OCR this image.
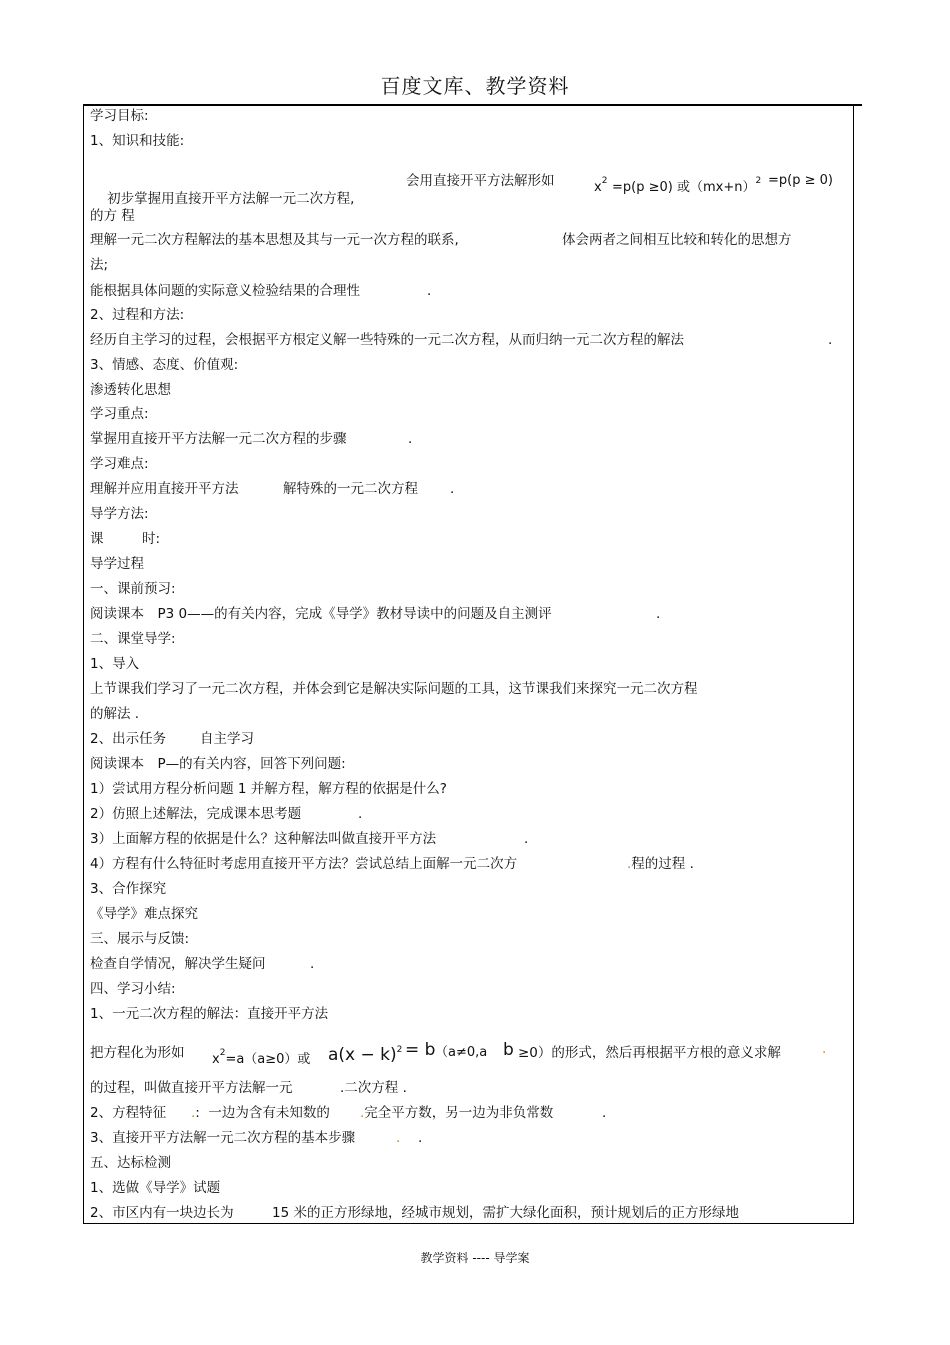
百度文库、教学资料
学习目标:
1、知识和技能:

初步掌握用直接开平方法解一元二次方程,

会用直接开平方法解形如	$x^2 =p(p \ge 0)$ 或$(mx+n)^2 =p(p \ge 0)$
的方 程
理解一元二次方程解法的基本思想及其与一元一次方程的联系,	体会两者之间相互比较和转化的思想方
法;
能根据具体问题的实际意义检验结果的合理性	.
2、过程和方法:
经历自主学习的过程，会根据平方根定义解一些特殊的一元二次方程，从而归纳一元二次方程的解法	.
3、情感、态度、价值观:
渗透转化思想
学习重点:
掌握用直接开平方法解一元二次方程的步骤	.
学习难点:
理解并应用直接开平方法	解特殊的一元二次方程 .
导学方法:
课	时:
导学过程
一、课前预习:
阅读课本　P3 0——的有关内容，完成《导学》教材导读中的问题及自主测评	.
二、课堂导学:
1、导入
上节课我们学习了一元二次方程，并体会到它是解决实际问题的工具，这节课我们来探究一元二次方程
的解法 .
2、出示任务	自主学习
阅读课本　P—的有关内容，回答下列问题:
1）尝试用方程分析问题 1 并解方程，解方程的依据是什么?
2）仿照上述解法，完成课本思考题	.
3）上面解方程的依据是什么？这种解法叫做直接开平方法	.
4）方程有什么特征时考虑用直接开平方法？尝试总结上面解一元二次方	.程的过程 .
3、合作探究
《导学》难点探究
三、展示与反馈:
检查自学情况，解决学生疑问	.
四、学习小结:
1、一元二次方程的解法：直接开平方法
把方程化为形如 $x^2=a(a\ge 0)$或 $a(x - k)^2 = b$ （a≠0,a b ≥0）的形式，然后再根据平方根的意义求解	·
的过程，叫做直接开平方法解一元	.二次方程 .
2、方程特征 .:  一边为含有未知数的 .完全平方数，另一边为非负常数	.
3、直接开平方法解一元二次方程的基本步骤	. .
五、达标检测
1、选做《导学》试题
2、市区内有一块边长为	15 米的正方形绿地，经城市规划，需扩大绿化面积，预计规划后的正方形绿地
教学资料 ---- 导学案
